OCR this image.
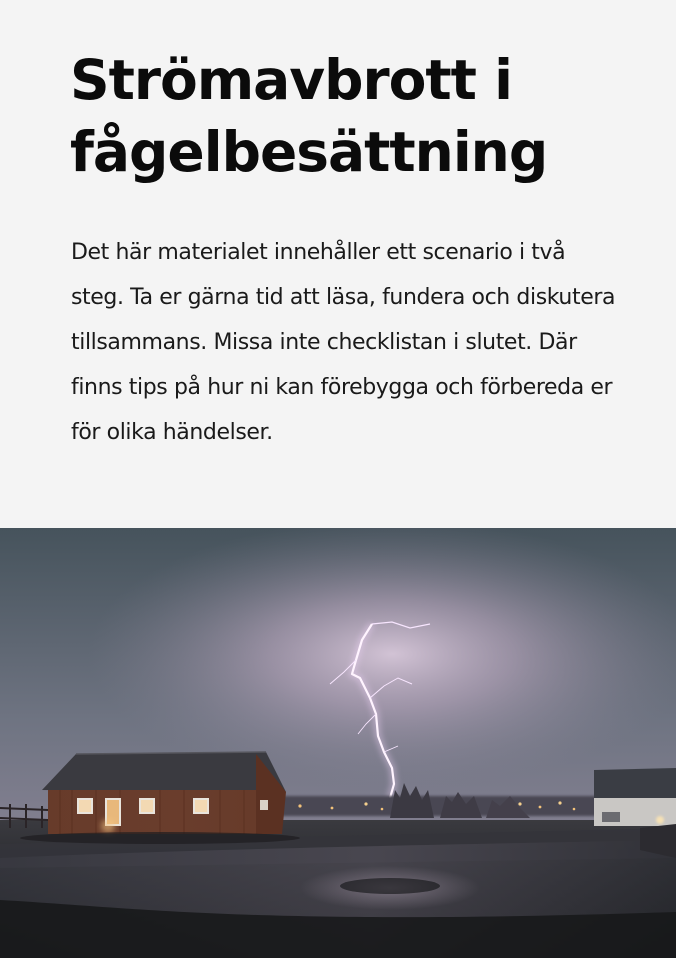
Strömavbrott i
fågelbesättning

Det här materialet innehåller ett scenario i två steg. Ta er gärna tid att läsa, fundera och diskutera tillsammans. Missa inte checklistan i slutet. Där finns tips på hur ni kan förebygga och förbereda er för olika händelser.
